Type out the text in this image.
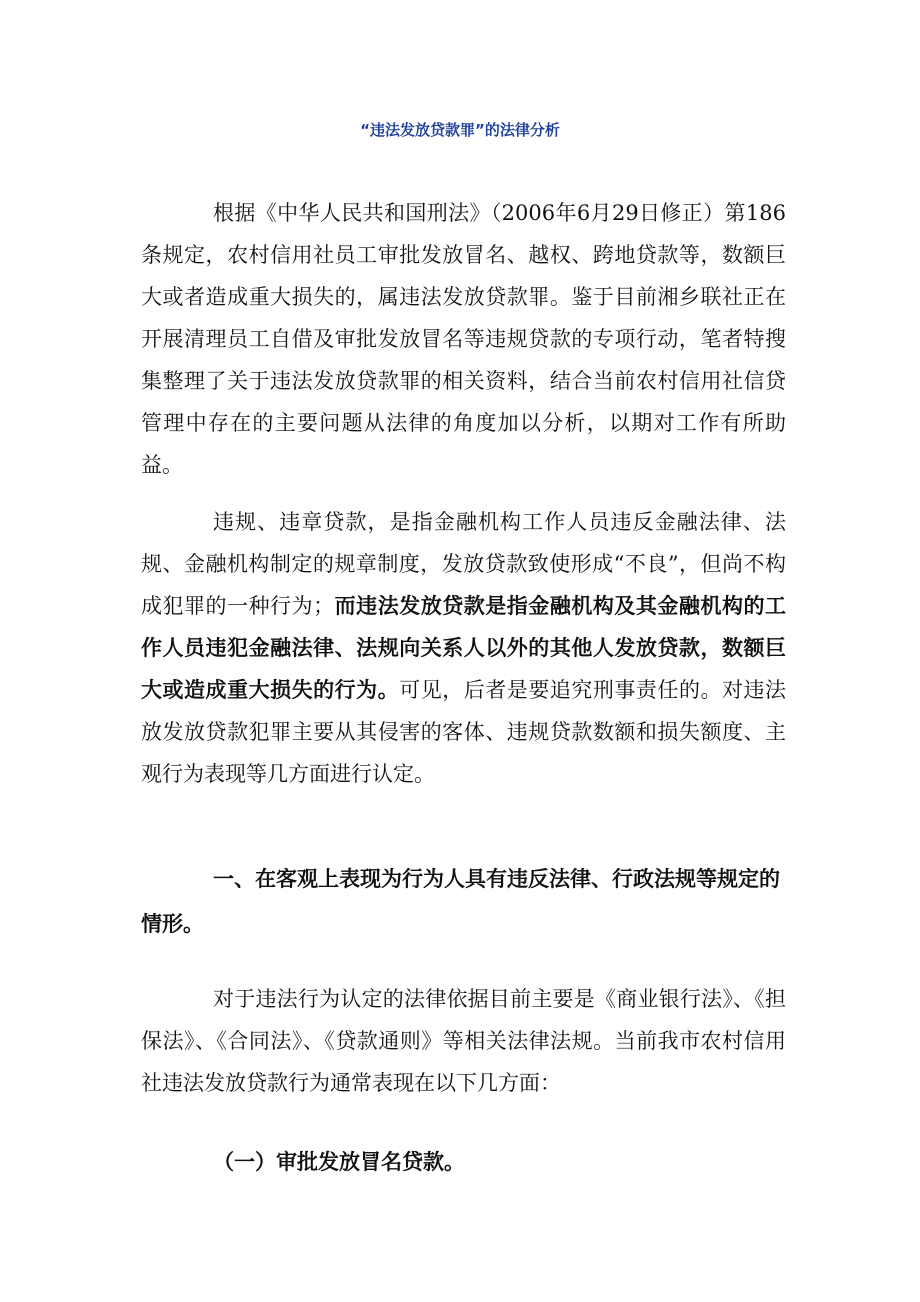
“违法发放贷款罪”的法律分析

根据《中华人民共和国刑法》（2006年6月29日修正）第186条规定，农村信用社员工审批发放冒名、越权、跨地贷款等，数额巨大或者造成重大损失的，属违法发放贷款罪。鉴于目前湘乡联社正在开展清理员工自借及审批发放冒名等违规贷款的专项行动，笔者特搜集整理了关于违法发放贷款罪的相关资料，结合当前农村信用社信贷管理中存在的主要问题从法律的角度加以分析，以期对工作有所助益。

违规、违章贷款，是指金融机构工作人员违反金融法律、法规、金融机构制定的规章制度，发放贷款致使形成“不良”，但尚不构成犯罪的一种行为；而违法发放贷款是指金融机构及其金融机构的工作人员违犯金融法律、法规向关系人以外的其他人发放贷款，数额巨大或造成重大损失的行为。可见，后者是要追究刑事责任的。对违法放发放贷款犯罪主要从其侵害的客体、违规贷款数额和损失额度、主观行为表现等几方面进行认定。

一、在客观上表现为行为人具有违反法律、行政法规等规定的情形。

对于违法行为认定的法律依据目前主要是《商业银行法》、《担保法》、《合同法》、《贷款通则》等相关法律法规。当前我市农村信用社违法发放贷款行为通常表现在以下几方面：

（一）审批发放冒名贷款。
